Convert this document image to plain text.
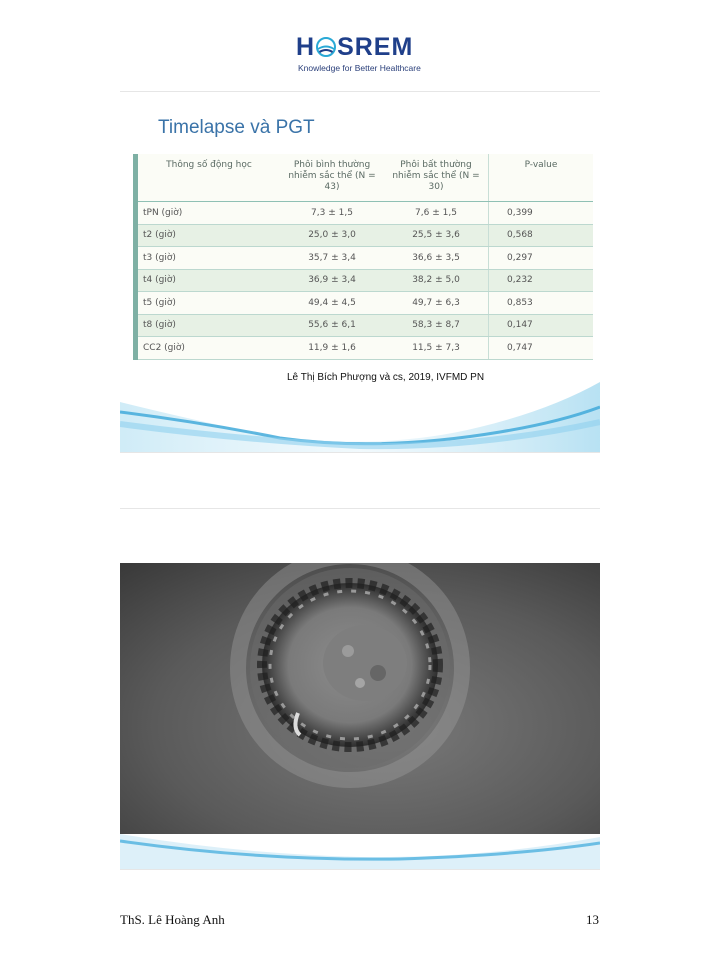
H SREM
Knowledge for Better Healthcare
Timelapse và PGT
Thông số động học	Phôi bình thường nhiễm sắc thể (N = 43)	Phôi bất thường nhiễm sắc thể (N = 30)	P-value
tPN (giờ)	7,3 ± 1,5	7,6 ± 1,5	0,399
t2 (giờ)	25,0 ± 3,0	25,5 ± 3,6	0,568
t3 (giờ)	35,7 ± 3,4	36,6 ± 3,5	0,297
t4 (giờ)	36,9 ± 3,4	38,2 ± 5,0	0,232
t5 (giờ)	49,4 ± 4,5	49,7 ± 6,3	0,853
t8 (giờ)	55,6 ± 6,1	58,3 ± 8,7	0,147
CC2 (giờ)	11,9 ± 1,6	11,5 ± 7,3	0,747
Lê Thị Bích Phượng và cs, 2019, IVFMD PN
ThS. Lê Hoàng Anh	13
